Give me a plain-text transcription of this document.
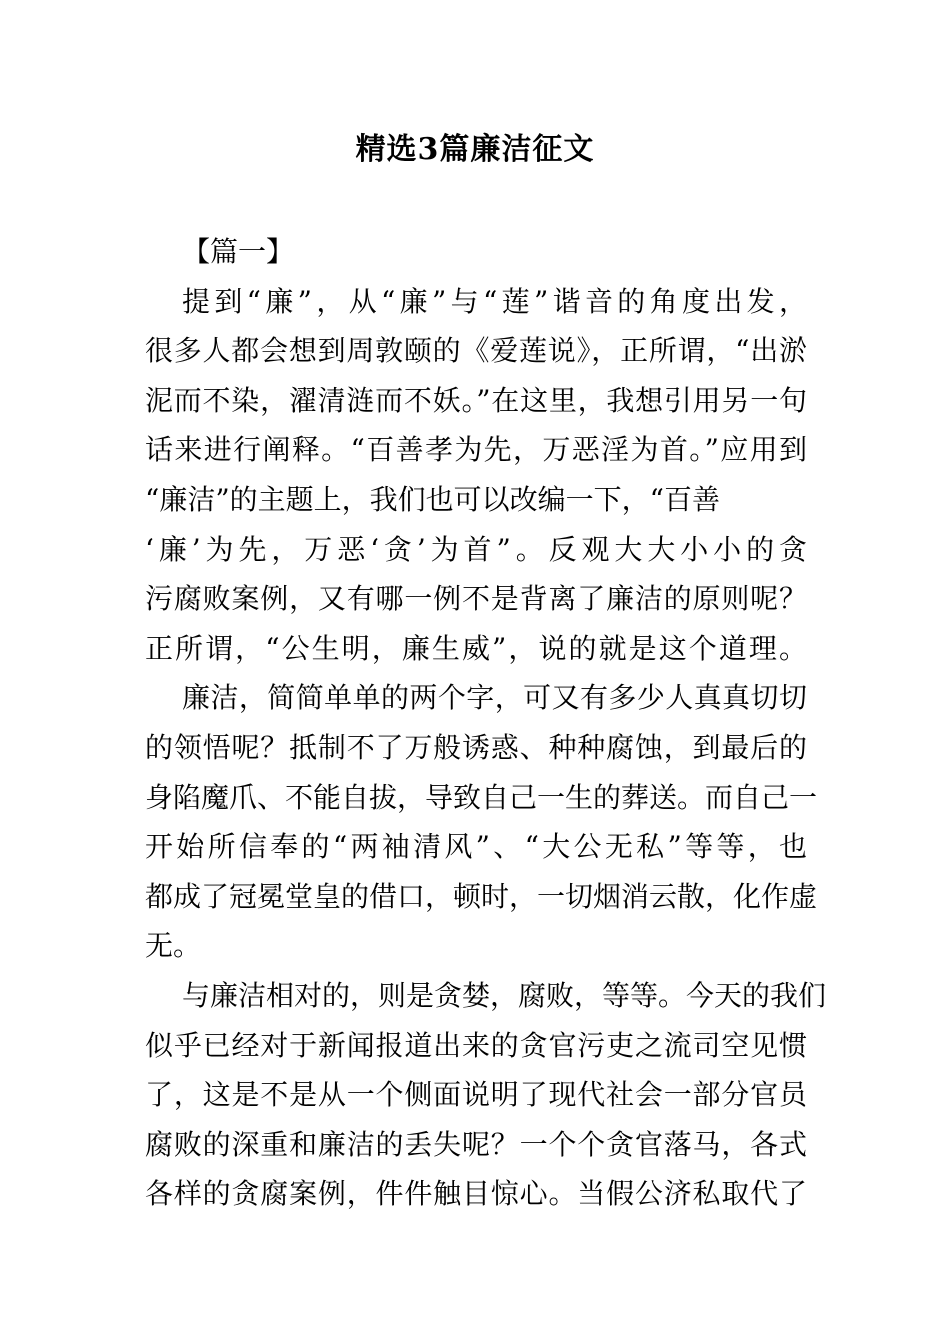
精选3篇廉洁征文
【篇一】
提到“廉”，从“廉”与“莲”谐音的角度出发，
很多人都会想到周敦颐的《爱莲说》，正所谓，“出淤
泥而不染，濯清涟而不妖。”在这里，我想引用另一句
话来进行阐释。“百善孝为先，万恶淫为首。”应用到
“廉洁”的主题上，我们也可以改编一下，“百善
‘廉’为先，万恶‘贪’为首”。反观大大小小的贪
污腐败案例，又有哪一例不是背离了廉洁的原则呢？
正所谓，“公生明，廉生威”，说的就是这个道理。
廉洁，简简单单的两个字，可又有多少人真真切切
的领悟呢？抵制不了万般诱惑、种种腐蚀，到最后的
身陷魔爪、不能自拔，导致自己一生的葬送。而自己一
开始所信奉的“两袖清风”、“大公无私”等等，也
都成了冠冕堂皇的借口，顿时，一切烟消云散，化作虚
无。
与廉洁相对的，则是贪婪，腐败，等等。今天的我们
似乎已经对于新闻报道出来的贪官污吏之流司空见惯
了，这是不是从一个侧面说明了现代社会一部分官员
腐败的深重和廉洁的丢失呢？一个个贪官落马，各式
各样的贪腐案例，件件触目惊心。当假公济私取代了
